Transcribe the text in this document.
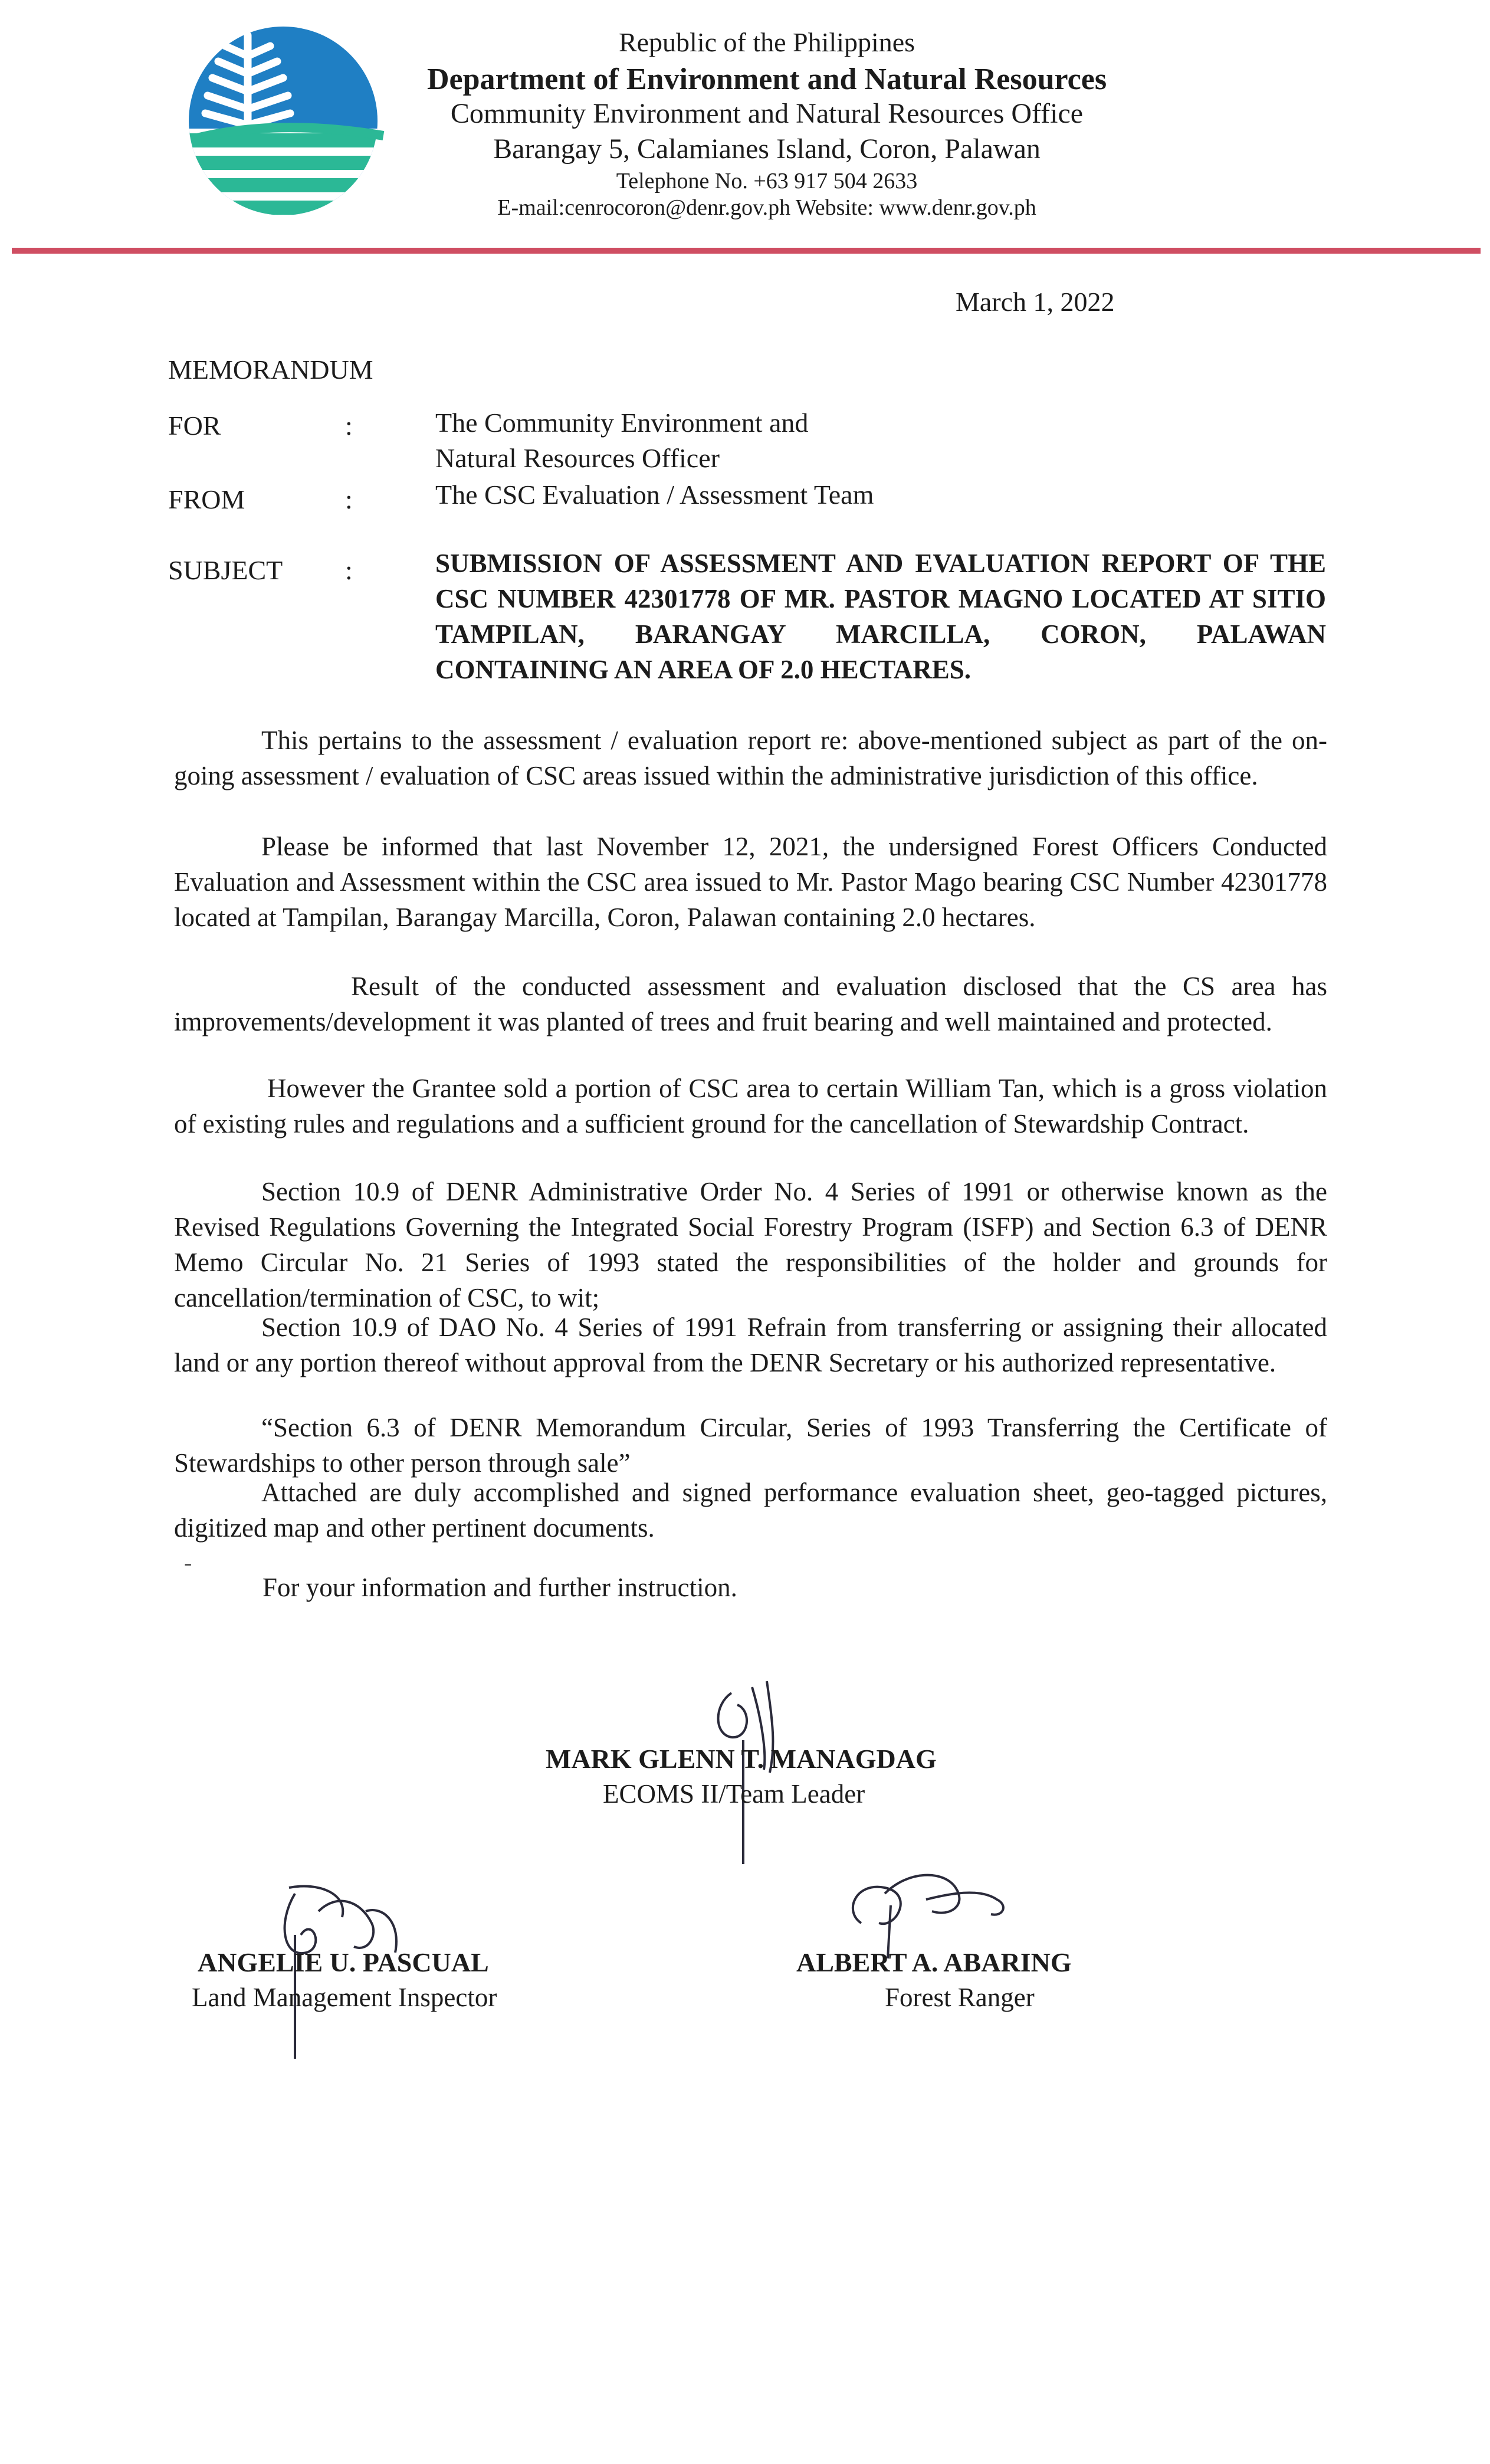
Republic of the Philippines
Department of Environment and Natural Resources
Community Environment and Natural Resources Office
Barangay 5, Calamianes Island, Coron, Palawan
Telephone No. +63 917 504 2633
E-mail:cenrocoron@denr.gov.ph Website: www.denr.gov.ph
March 1, 2022
MEMORANDUM
FOR	:	The Community Environment and
Natural Resources Officer
FROM	:	The CSC Evaluation / Assessment Team
SUBJECT :	SUBMISSION OF ASSESSMENT AND EVALUATION REPORT OF THE CSC NUMBER 42301778 OF MR. PASTOR MAGNO LOCATED AT SITIO TAMPILAN, BARANGAY MARCILLA, CORON, PALAWAN CONTAINING AN AREA OF 2.0 HECTARES.
This pertains to the assessment / evaluation report re: above-mentioned subject as part of the on-going assessment / evaluation of CSC areas issued within the administrative jurisdiction of this office.
Please be informed that last November 12, 2021, the undersigned Forest Officers Conducted Evaluation and Assessment within the CSC area issued to Mr. Pastor Mago bearing CSC Number 42301778 located at Tampilan, Barangay Marcilla, Coron, Palawan containing 2.0 hectares.
Result of the conducted assessment and evaluation disclosed that the CS area has improvements/development it was planted of trees and fruit bearing and well maintained and protected.
However the Grantee sold a portion of CSC area to certain William Tan, which is a gross violation of existing rules and regulations and a sufficient ground for the cancellation of Stewardship Contract.
Section 10.9 of DENR Administrative Order No. 4 Series of 1991 or otherwise known as the Revised Regulations Governing the Integrated Social Forestry Program (ISFP) and Section 6.3 of DENR Memo Circular No. 21 Series of 1993 stated the responsibilities of the holder and grounds for cancellation/termination of CSC, to wit;
Section 10.9 of DAO No. 4 Series of 1991 Refrain from transferring or assigning their allocated land or any portion thereof without approval from the DENR Secretary or his authorized representative.
“Section 6.3 of DENR Memorandum Circular, Series of 1993 Transferring the Certificate of Stewardships to other person through sale”
Attached are duly accomplished and signed performance evaluation sheet, geo-tagged pictures, digitized map and other pertinent documents.
-
For your information and further instruction.
MARK GLENN T. MANAGDAG
ECOMS II/Team Leader
ANGELIE U. PASCUAL
Land Management Inspector
ALBERT A. ABARING
Forest Ranger
